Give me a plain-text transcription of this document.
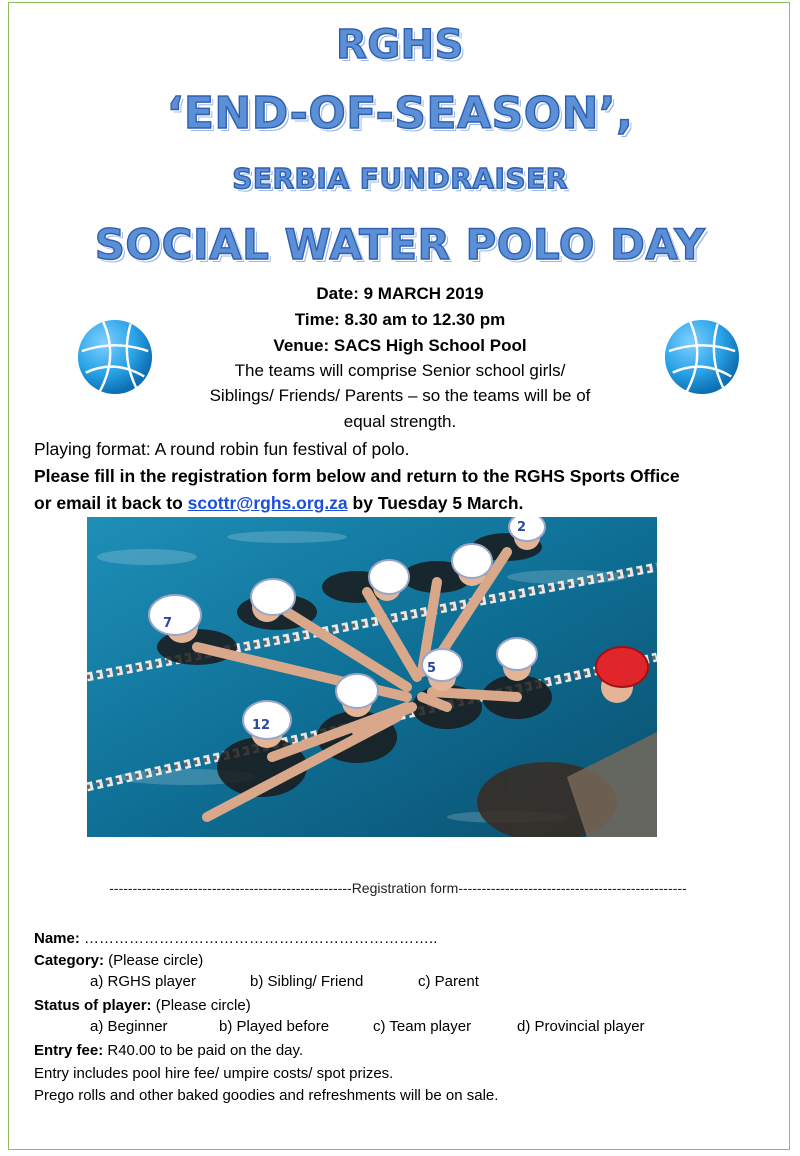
RGHS
‘END-OF-SEASON’,
SERBIA FUNDRAISER
SOCIAL WATER POLO DAY
Date: 9 MARCH 2019
Time: 8.30 am to 12.30 pm
Venue: SACS High School Pool
The teams will comprise Senior school girls/
Siblings/ Friends/ Parents – so the teams will be of
equal strength.
Playing format: A round robin fun festival of polo.
Please fill in the registration form below and return to the RGHS Sports Office
or email it back to scottr@rghs.org.za by Tuesday 5 March.
7
12
5
2
----------------------------------------------------Registration form-------------------------------------------------
Name: ……………………………………………………………..
Category: (Please circle)
a) RGHS player	b) Sibling/ Friend	c) Parent
Status of player: (Please circle)
a) Beginner	b) Played before	c) Team player	d) Provincial player
Entry fee: R40.00 to be paid on the day.
Entry includes pool hire fee/ umpire costs/ spot prizes.
Prego rolls and other baked goodies and refreshments will be on sale.
